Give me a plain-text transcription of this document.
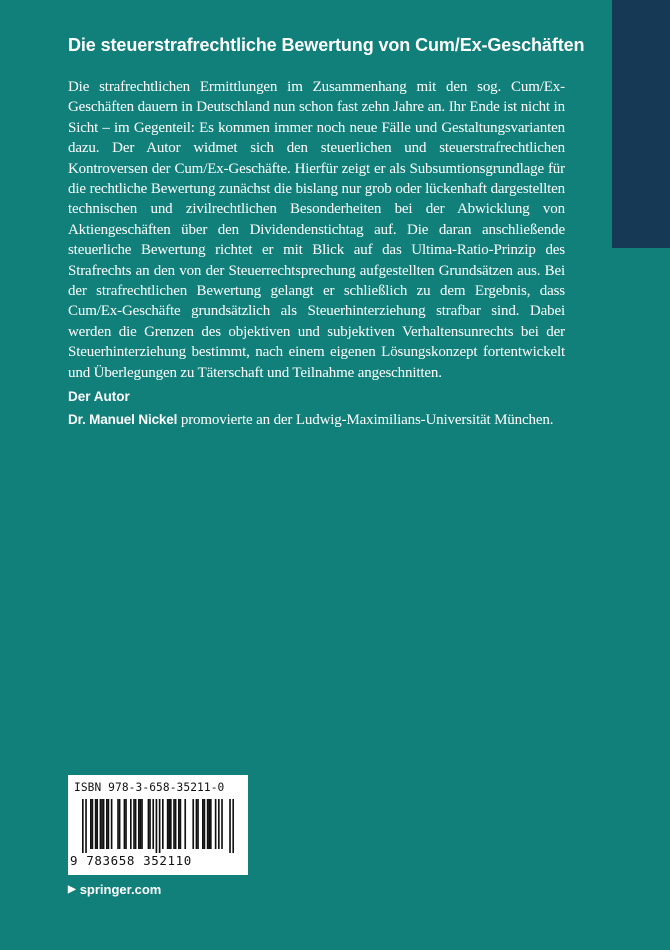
Die steuerstrafrechtliche Bewertung von Cum/Ex-Geschäften

Die strafrechtlichen Ermittlungen im Zusammenhang mit den sog. Cum/Ex-Geschäften dauern in Deutschland nun schon fast zehn Jahre an. Ihr Ende ist nicht in Sicht – im Gegenteil: Es kommen immer noch neue Fälle und Gestaltungsvarianten dazu. Der Autor widmet sich den steuerlichen und steuerstrafrechtlichen Kontroversen der Cum/Ex-Geschäfte. Hierfür zeigt er als Subsumtionsgrundlage für die rechtliche Bewertung zunächst die bislang nur grob oder lückenhaft dargestellten technischen und zivilrechtlichen Besonderheiten bei der Abwicklung von Aktiengeschäften über den Dividendenstichtag auf. Die daran anschließende steuerliche Bewertung richtet er mit Blick auf das Ultima-Ratio-Prinzip des Strafrechts an den von der Steuerrechtsprechung aufgestellten Grundsätzen aus. Bei der strafrechtlichen Bewertung gelangt er schließlich zu dem Ergebnis, dass Cum/Ex-Geschäfte grundsätzlich als Steuerhinterziehung strafbar sind. Dabei werden die Grenzen des objektiven und subjektiven Verhaltensunrechts bei der Steuerhinterziehung bestimmt, nach einem eigenen Lösungskonzept fortentwickelt und Überlegungen zu Täterschaft und Teilnahme angeschnitten.

Der Autor

Dr. Manuel Nickel promovierte an der Ludwig-Maximilians-Universität München.

ISBN 978-3-658-35211-0
9 783658 352110
▶ springer.com
